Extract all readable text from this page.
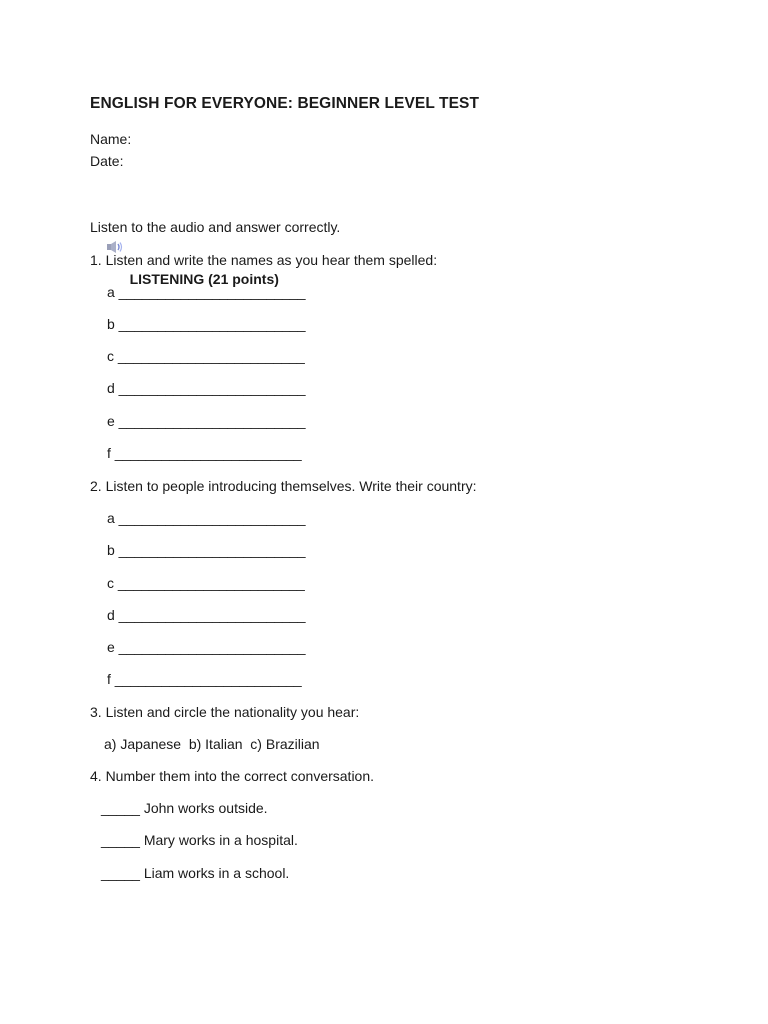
ENGLISH FOR EVERYONE: BEGINNER LEVEL TEST
Name:
Date:

LISTENING (21 points)

Listen to the audio and answer correctly.
1. Listen and write the names as you hear them spelled:
a ________________________
b ________________________
c ________________________
d ________________________
e ________________________
f ________________________
2. Listen to people introducing themselves. Write their country:
a ________________________
b ________________________
c ________________________
d ________________________
e ________________________
f ________________________
3. Listen and circle the nationality you hear:
a) Japanese  b) Italian  c) Brazilian
4. Number them into the correct conversation.
_____ John works outside.
_____ Mary works in a hospital.
_____ Liam works in a school.
